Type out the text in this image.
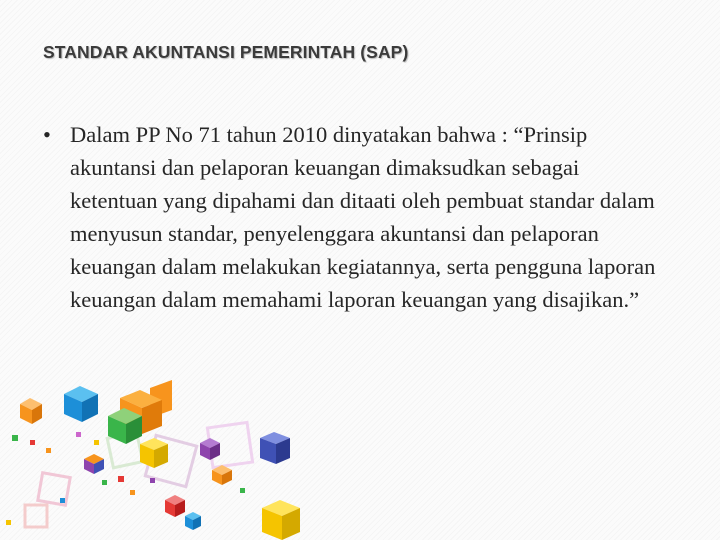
STANDAR AKUNTANSI PEMERINTAH (SAP)
• Dalam PP No 71 tahun 2010 dinyatakan bahwa : “Prinsip akuntansi dan pelaporan keuangan dimaksudkan sebagai ketentuan yang dipahami dan ditaati oleh pembuat standar dalam menyusun standar, penyelenggara akuntansi dan pelaporan keuangan dalam melakukan kegiatannya, serta pengguna laporan keuangan dalam memahami laporan keuangan yang disajikan.”
